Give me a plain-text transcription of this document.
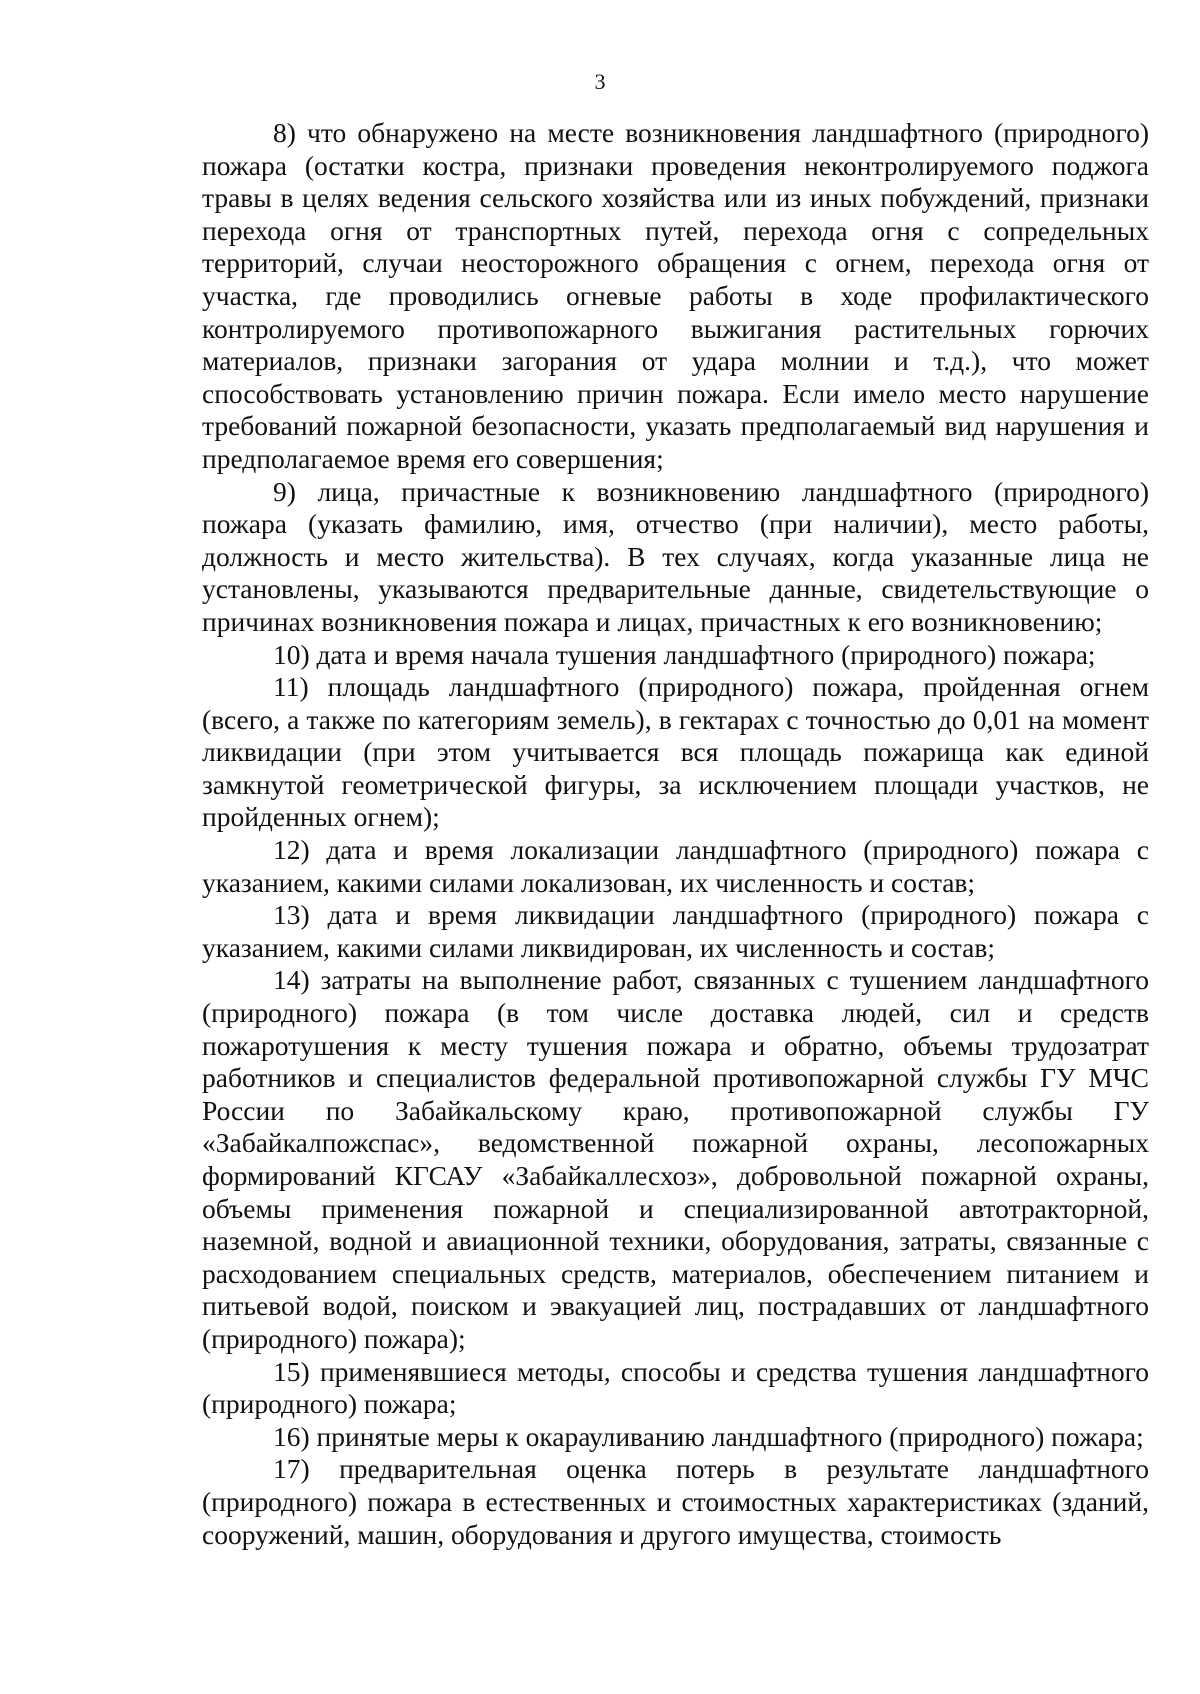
3

8) что обнаружено на месте возникновения ландшафтного (природного) пожара (остатки костра, признаки проведения неконтролируемого поджога травы в целях ведения сельского хозяйства или из иных побуждений, признаки перехода огня от транспортных путей, перехода огня с сопредельных территорий, случаи неосторожного обращения с огнем, перехода огня от участка, где проводились огневые работы в ходе профилактического контролируемого противопожарного выжигания растительных горючих материалов, признаки загорания от удара молнии и т.д.), что может способствовать установлению причин пожара. Если имело место нарушение требований пожарной безопасности, указать предполагаемый вид нарушения и предполагаемое время его совершения;

9) лица, причастные к возникновению ландшафтного (природного) пожара (указать фамилию, имя, отчество (при наличии), место работы, должность и место жительства). В тех случаях, когда указанные лица не установлены, указываются предварительные данные, свидетельствующие о причинах возникновения пожара и лицах, причастных к его возникновению;

10) дата и время начала тушения ландшафтного (природного) пожара;

11) площадь ландшафтного (природного) пожара, пройденная огнем (всего, а также по категориям земель), в гектарах с точностью до 0,01 на момент ликвидации (при этом учитывается вся площадь пожарища как единой замкнутой геометрической фигуры, за исключением площади участков, не пройденных огнем);

12) дата и время локализации ландшафтного (природного) пожара с указанием, какими силами локализован, их численность и состав;

13) дата и время ликвидации ландшафтного (природного) пожара с указанием, какими силами ликвидирован, их численность и состав;

14) затраты на выполнение работ, связанных с тушением ландшафтного (природного) пожара (в том числе доставка людей, сил и средств пожаротушения к месту тушения пожара и обратно, объемы трудозатрат работников и специалистов федеральной противопожарной службы ГУ МЧС России по Забайкальскому краю, противопожарной службы ГУ «Забайкалпожспас», ведомственной пожарной охраны, лесопожарных формирований КГСАУ «Забайкаллесхоз», добровольной пожарной охраны, объемы применения пожарной и специализированной автотракторной, наземной, водной и авиационной техники, оборудования, затраты, связанные с расходованием специальных средств, материалов, обеспечением питанием и питьевой водой, поиском и эвакуацией лиц, пострадавших от ландшафтного (природного) пожара);

15) применявшиеся методы, способы и средства тушения ландшафтного (природного) пожара;

16) принятые меры к окарауливанию ландшафтного (природного) пожара;

17) предварительная оценка потерь в результате ландшафтного (природного) пожара в естественных и стоимостных характеристиках (зданий, сооружений, машин, оборудования и другого имущества, стоимость
